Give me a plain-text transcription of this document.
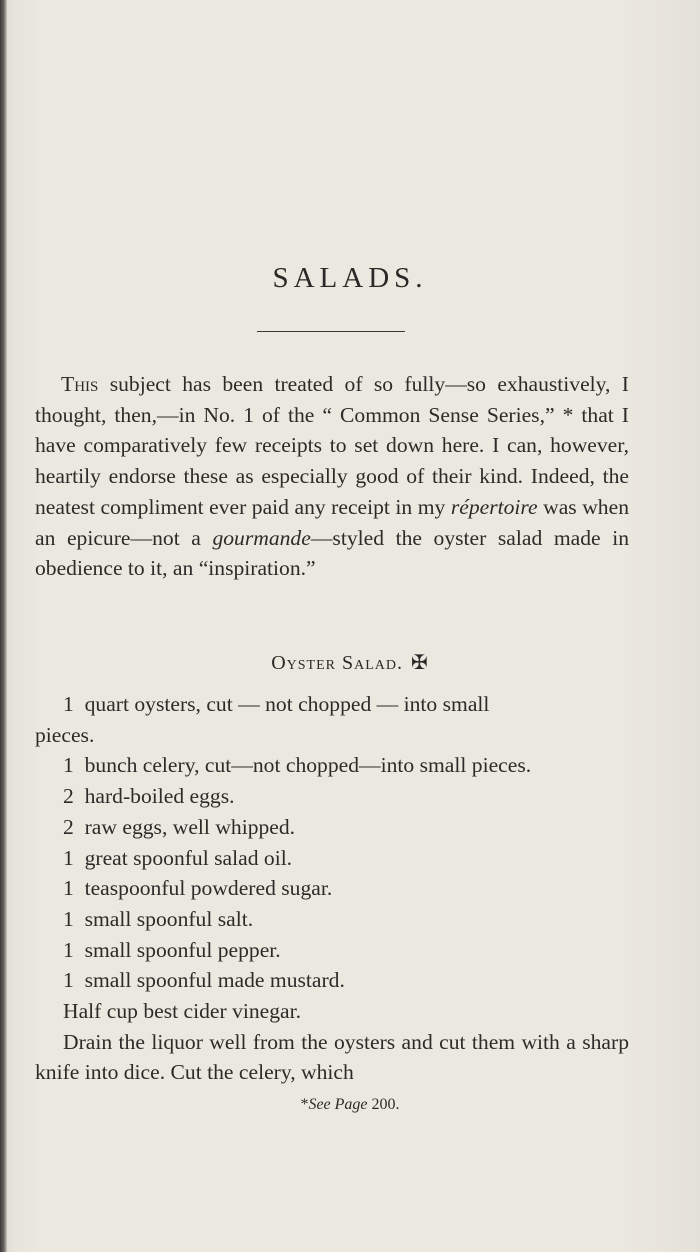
SALADS.
This subject has been treated of so fully—so exhaustively, I thought, then,—in No. 1 of the “ Common Sense Series,” * that I have comparatively few receipts to set down here. I can, however, heartily endorse these as especially good of their kind. Indeed, the neatest compliment ever paid any receipt in my répertoire was when an epicure—not a gourmande—styled the oyster salad made in obedience to it, an “inspiration.”
Oyster Salad. ✠

1 quart oysters, cut — not chopped — into small

pieces.

1 bunch celery, cut—not chopped—into small pieces.

2 hard-boiled eggs.

2 raw eggs, well whipped.

1 great spoonful salad oil.

1 teaspoonful powdered sugar.

1 small spoonful salt.

1 small spoonful pepper.

1 small spoonful made mustard.

Half cup best cider vinegar.

Drain the liquor well from the oysters and cut them with a sharp knife into dice. Cut the celery, which

*See Page 200.
